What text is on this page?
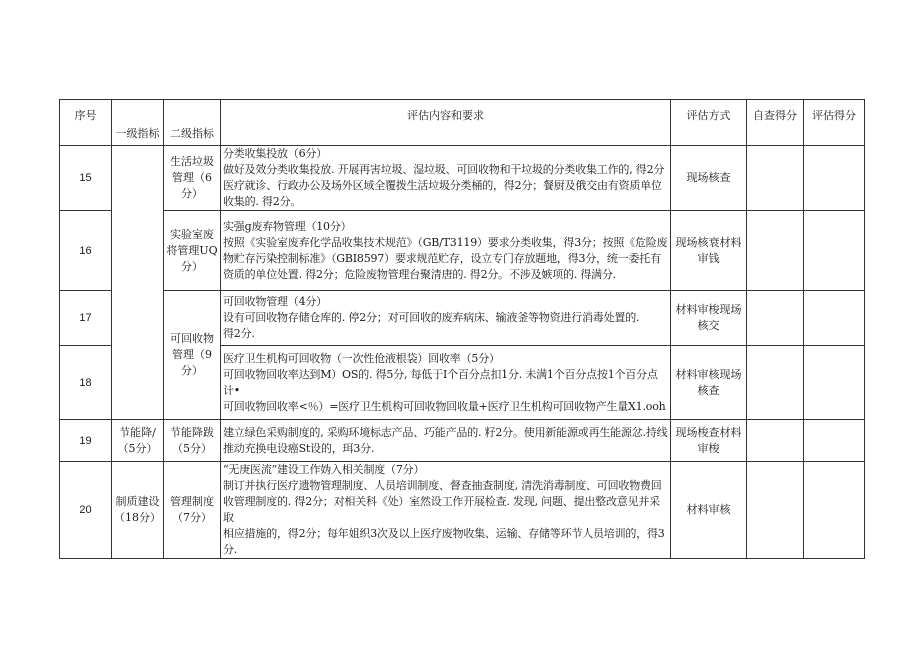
序号	一级指标	二级指标	评估内容和要求	评估方式	自查得分	评估得分
15		生活垃圾管理（6分）	分类收集投放（6分）
做好及效分类收集投放. 开展再害垃圾、湿垃圾、可回收物和干垃圾的分类收集工作的, 得2分
医疗就诊、行政办公及场外区域全覆拨生活垃圾分类桶的，得2分；餐厨及俄交由有资质单位
收集的. 得2分。	现场核查		
16		实验室废将管理UQ分）	实强g废弃物管理（10分）
按照《实验室废弃化学品收集技术规范》（GB/T3119）要求分类收集，得3分；按照《危险废
物贮存污染控制标准》（GBI8597）要求规范贮存，设立专门存放题地，得3分，统一委托有
资质的单位处置. 得2分；危险废物管理台聚清唐的. 得2分。不涉及嫉项的. 得满分.	现场核衰材料审钱		
17		可回收物管理（9分）	可回收物管理（4分）
设有可回收物存储仓库的. 停2分；对可回收的废弃病床、输液釜等物资进行消毒处置的.
得2分.	材料审梭现场核交		
18			医疗卫生机构可回收物（一次性伧液根袋）回收率（5分）
可回收物回收率达到M）OS的. 得5分, 每低于I个百分点扣1分. 未满1个百分点按1个百分点计•
可回收物回收率<％）=医疗卫生机构可回收物回收量+医疗卫生机构可回收物产生量X1.ooh	材料审核现场核查		
19	节能降/（5分）	节能降跋（5分）	建立绿色采购制度的, 采购环境标志产品、巧能产品的. 籽2分。使用新能源或再生能源忿.持线
推动充换电设癌St设的，珥3分.	现场梭查材料审梭		
20	制质建设（18分）	管理制度（7分）	“无庚医流”建设工作妫入相关制度（7分）
制订并执行医疗遗物管理制度、人员培训制度、督查抽查制度, 清洗消毒制度、可回收物费回
收管理制度的. 得2分；对相关科《处）室然设工作开展检查. 发现, 问题、提出整改意见并采取
相应措施的，得2分；每年姐织3次及以上医疗废物收集、运输、存储等环节人员培训的，得3
分.	材料审核		
